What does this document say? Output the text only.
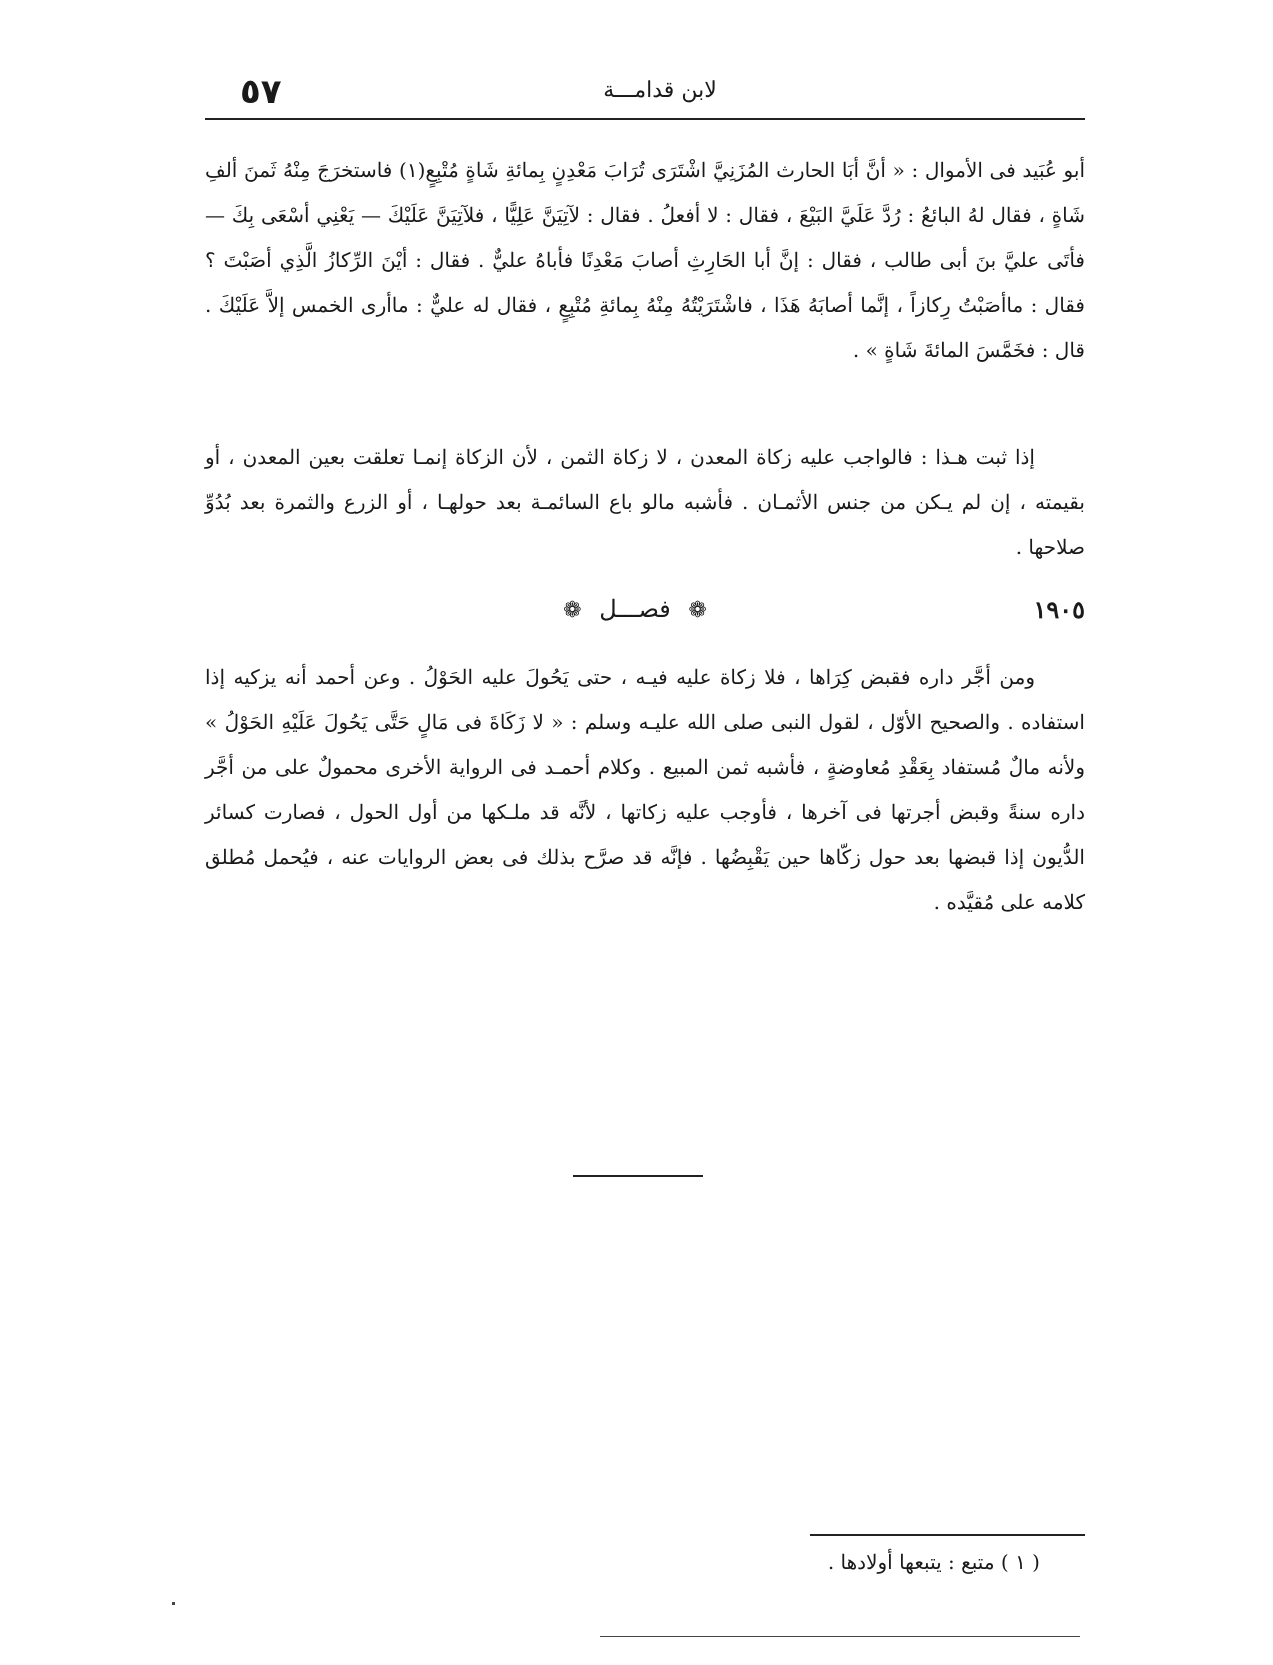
٥٧	لابن قدامـــة

أبو عُبَيد فى الأموال : « أنَّ أبَا الحارث المُزَنِيَّ اشْتَرَى تُرَابَ مَعْدِنٍ بِمائةِ شَاةٍ مُتْبِعٍ(١) فاستخرَجَ مِنْهُ ثَمنَ ألفِ شَاةٍ ، فقال لهُ البائعُ : رُدَّ عَلَيَّ البَيْعَ ، فقال : لا أفعلُ . فقال : لآتِيَنَّ عَلِيًّا ، فلآتِيَنَّ عَلَيْكَ — يَعْنِي أسْعَى بِكَ — فأتَى عليَّ بنَ أبى طالب ، فقال : إنَّ أبا الحَارِثِ أصابَ مَعْدِنًا فأباهُ عليٌّ . فقال : أيْنَ الرِّكازُ الَّذِي أصَبْتَ ؟ فقال : ماأصَبْتُ رِكازاً ، إنَّما أصابَهُ هَذَا ، فاشْتَرَيْتُهُ مِنْهُ بِمائةِ مُتْبِعٍ ، فقال له عليٌّ : ماأرى الخمس إلاَّ عَلَيْكَ . قال : فخَمَّسَ المائةَ شَاةٍ » .

إذا ثبت هـذا : فالواجب عليه زكاة المعدن ، لا زكاة الثمن ، لأن الزكاة إنمـا تعلقت بعين المعدن ، أو بقيمته ، إن لم يـكن من جنس الأثمـان . فأشبه مالو باع السائمـة بعد حولهـا ، أو الزرع والثمرة بعد بُدُوِّ صلاحها .

١٩٠٥
❁ فصـــل ❁

ومن أجَّر داره فقبض كِرَاها ، فلا زكاة عليه فيـه ، حتى يَحُولَ عليه الحَوْلُ . وعن أحمد أنه يزكيه إذا استفاده . والصحيح الأوّل ، لقول النبى صلى الله عليـه وسلم : « لا زَكَاةَ فى مَالٍ حَتَّى يَحُولَ عَلَيْهِ الحَوْلُ » ولأنه مالٌ مُستفاد بِعَقْدِ مُعاوضةٍ ، فأشبه ثمن المبيع . وكلام أحمـد فى الرواية الأخرى محمولٌ على من أجَّر داره سنةً وقبض أجرتها فى آخرها ، فأوجب عليه زكاتها ، لأنَّه قد ملـكها من أول الحول ، فصارت كسائر الدُّيون إذا قبضها بعد حول زكّاها حين يَقْبِضُها . فإنَّه قد صرَّح بذلك فى بعض الروايات عنه ، فيُحمل مُطلق كلامه على مُقيَّده .

( ١ ) متبع : يتبعها أولادها .
